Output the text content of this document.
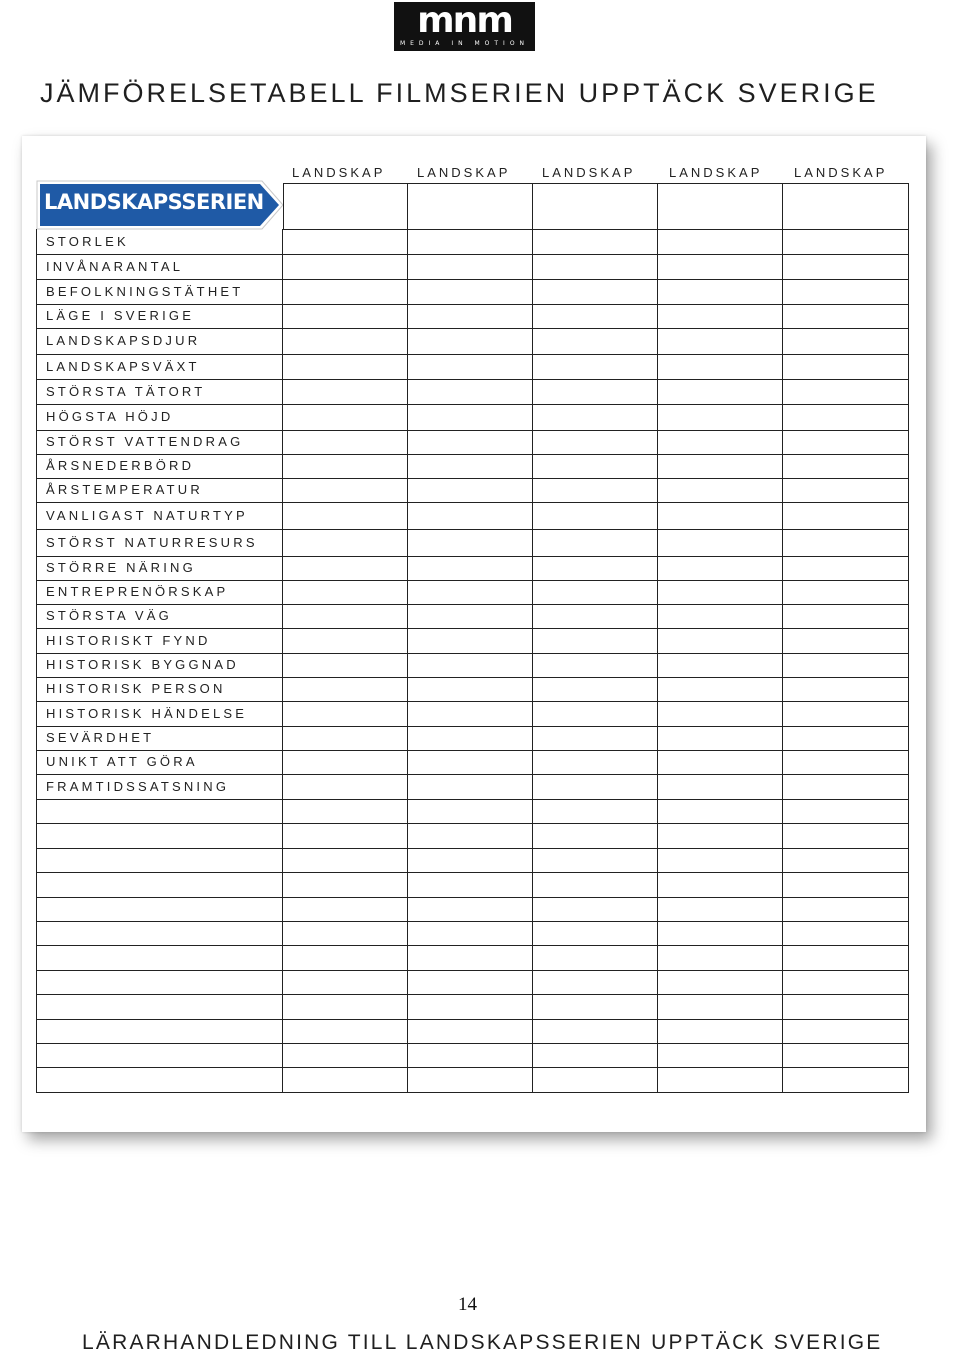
mnm
MEDIA IN MOTION
JÄMFÖRELSETABELL FILMSERIEN UPPTÄCK SVERIGE
LANDSKAP LANDSKAP LANDSKAP	LANDSKAP LANDSKAP
LANDSKAPSSERIEN
STORLEK
INVÅNARANTAL
BEFOLKNINGSTÄTHET
LÄGE I SVERIGE
LANDSKAPSDJUR
LANDSKAPSVÄXT
STÖRSTA TÄTORT
HÖGSTA HÖJD
STÖRST VATTENDRAG
ÅRSNEDERBÖRD
ÅRSTEMPERATUR
VANLIGAST NATURTYP
STÖRST NATURRESURS
STÖRRE NÄRING
ENTREPRENÖRSKAP
STÖRSTA VÄG
HISTORISKT FYND
HISTORISK BYGGNAD
HISTORISK PERSON
HISTORISK HÄNDELSE
SEVÄRDHET
UNIKT ATT GÖRA
FRAMTIDSSATSNING
14
LÄRARHANDLEDNING TILL LANDSKAPSSERIEN UPPTÄCK SVERIGE
